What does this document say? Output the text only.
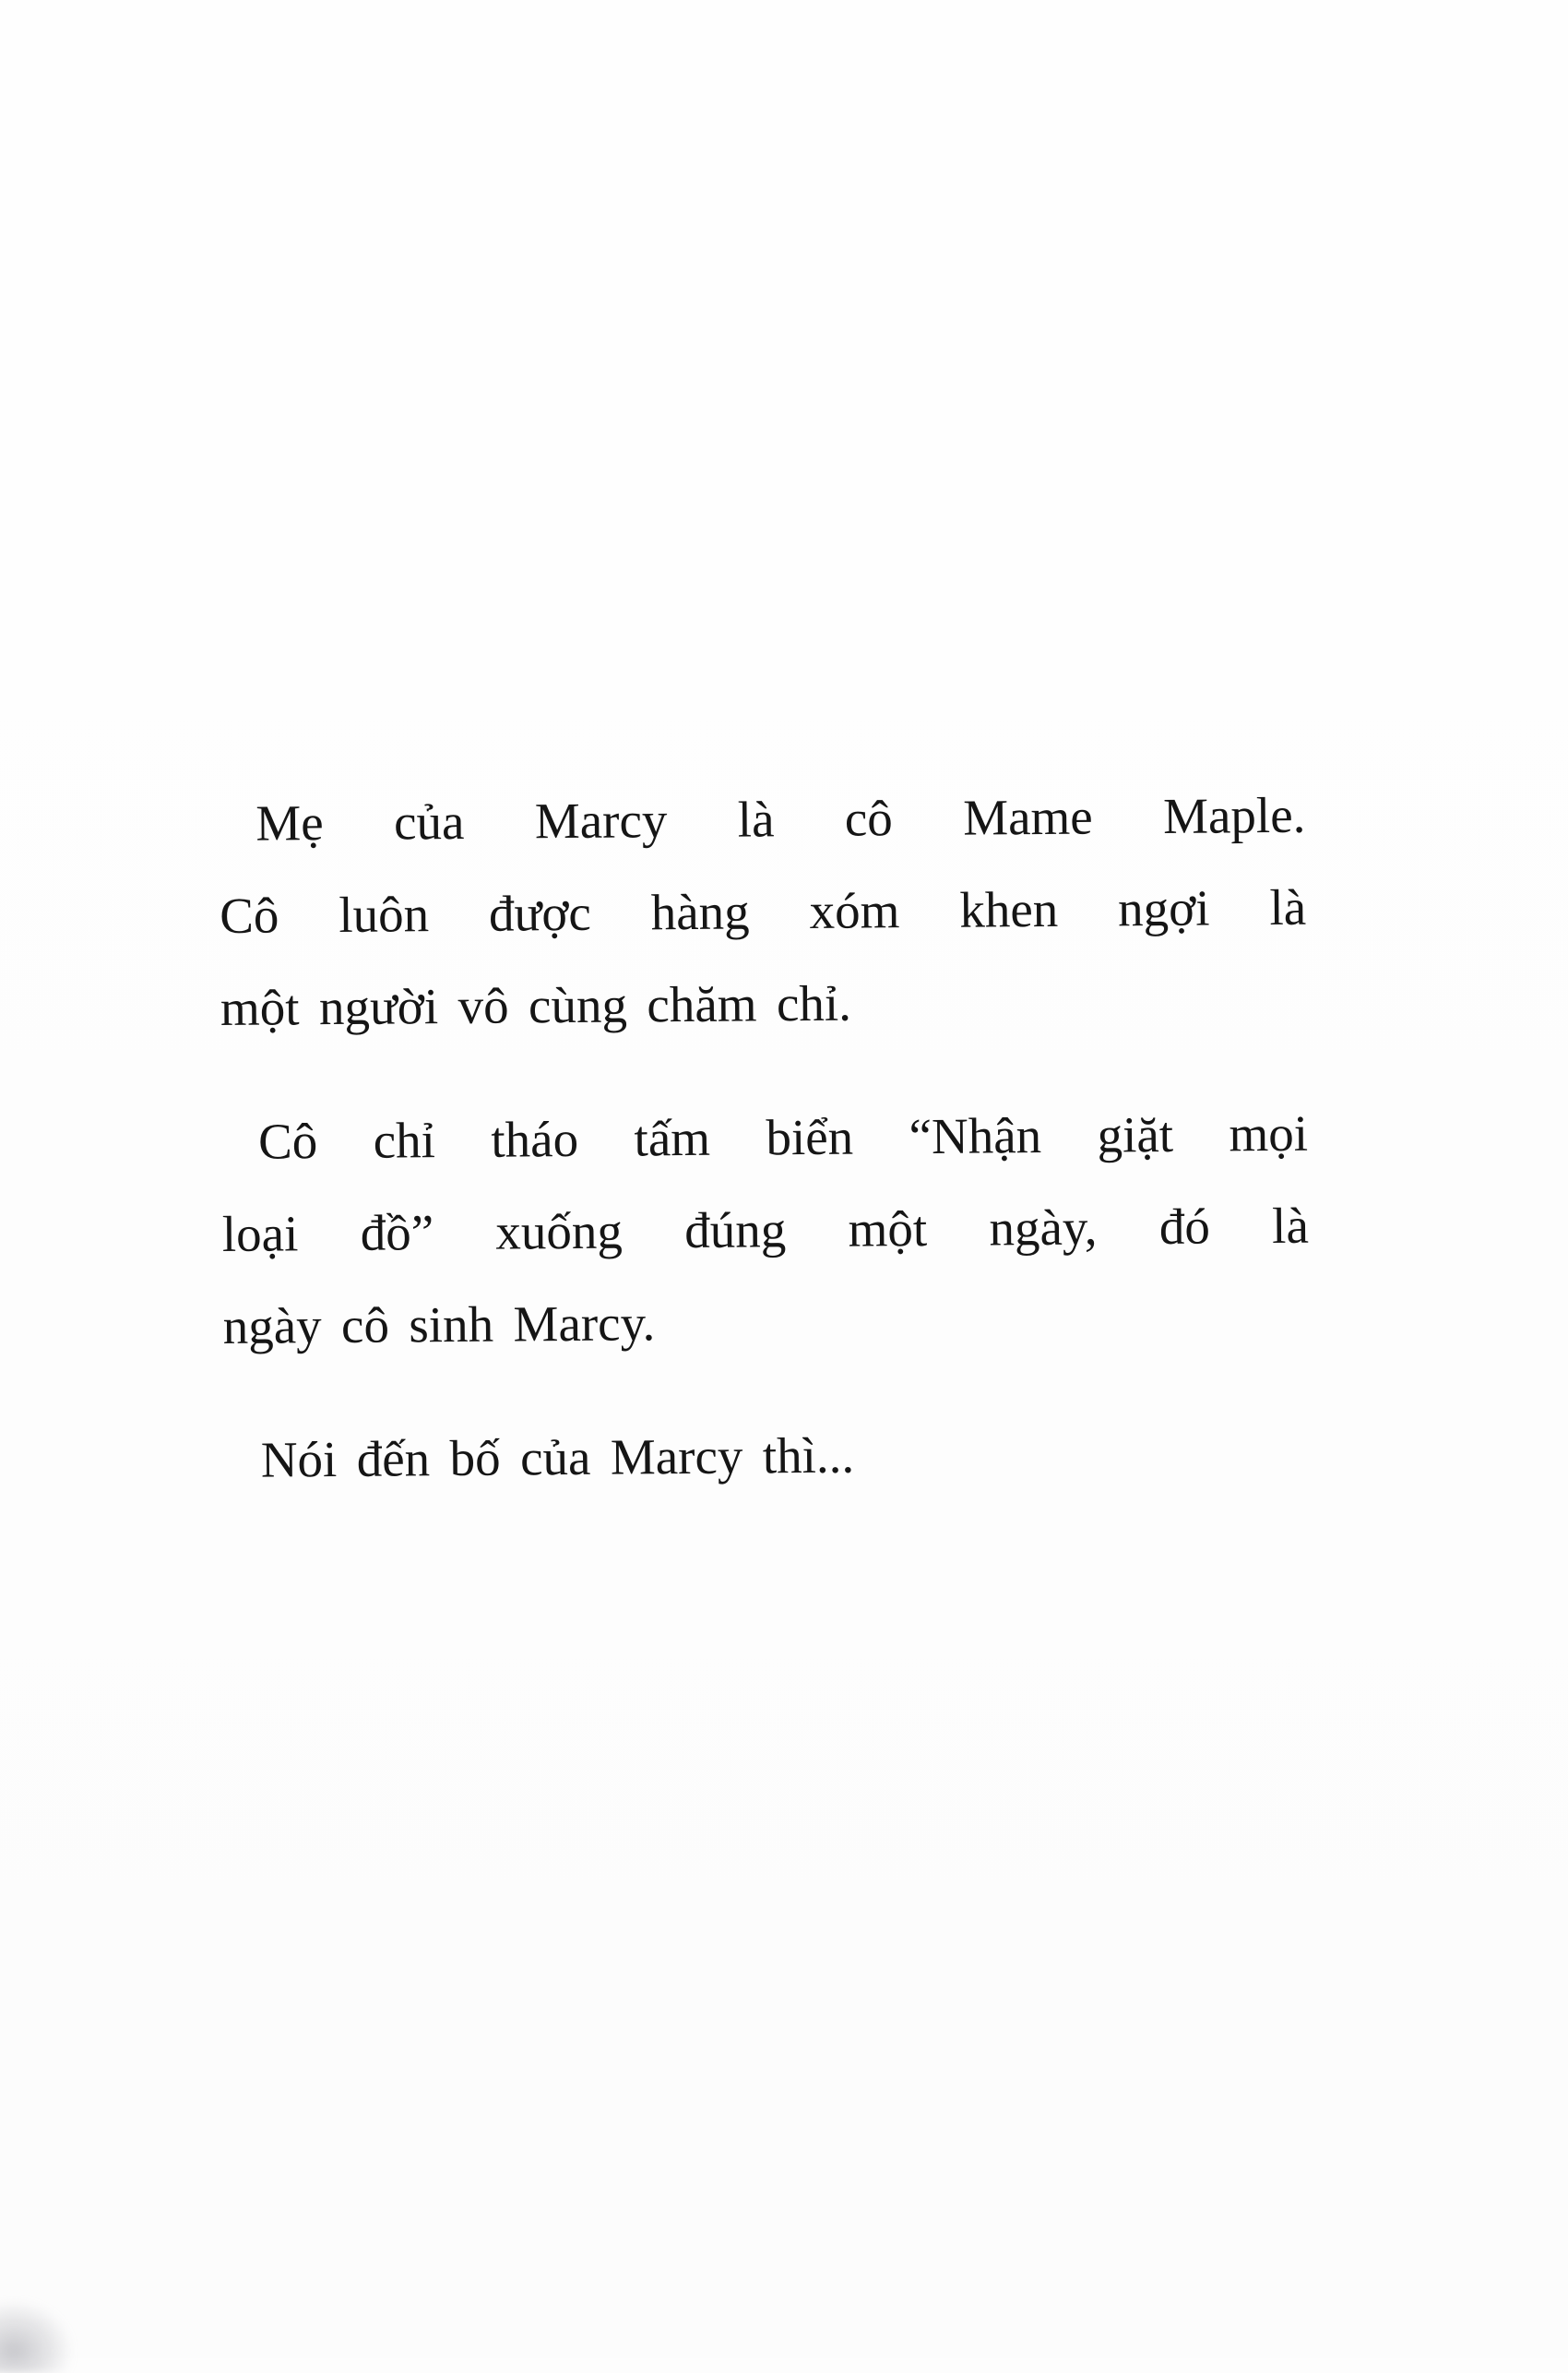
Mẹ của Marcy là cô Mame Maple.
Cô luôn được hàng xóm khen ngợi là
một người vô cùng chăm chỉ.
Cô chỉ tháo tấm biển “Nhận giặt mọi
loại đồ” xuống đúng một ngày, đó là
ngày cô sinh Marcy.
Nói đến bố của Marcy thì...
